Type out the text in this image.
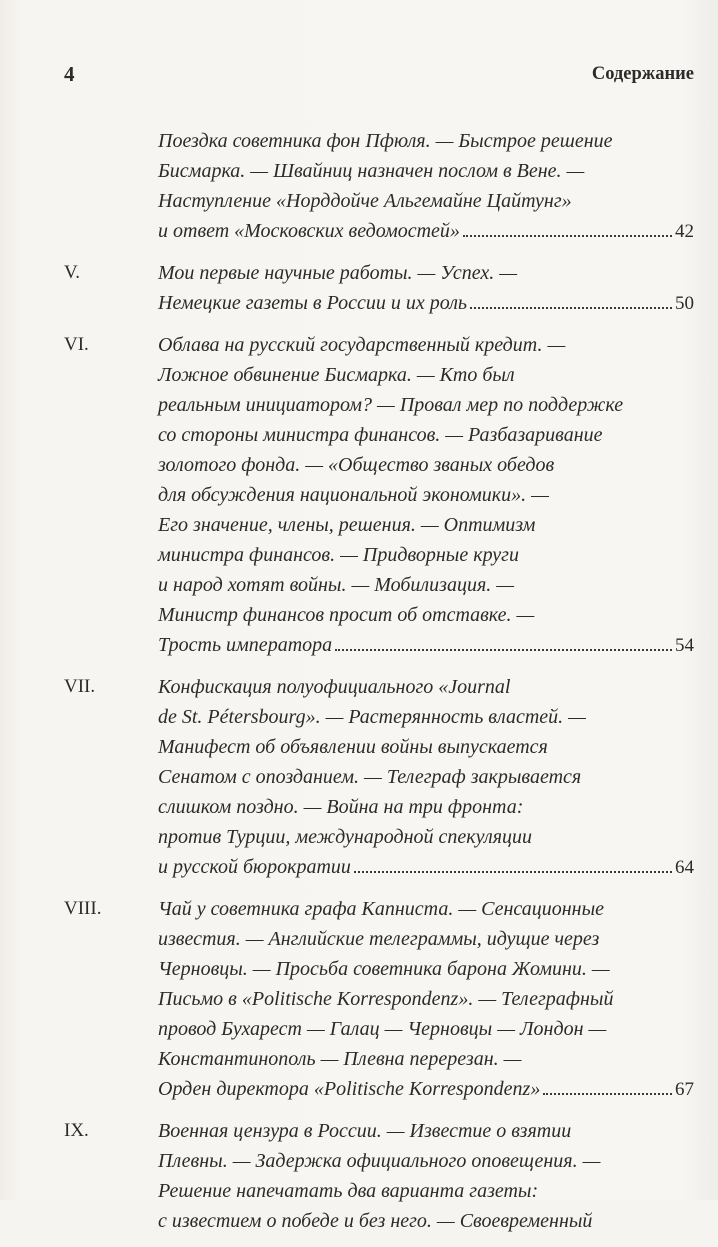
4	Содержание
Поездка советника фон Пфюля. — Быстрое решение
Бисмарка. — Швайниц назначен послом в Вене. —
Наступление «Норддойче Альгемайне Цайтунг»
и ответ «Московских ведомостей»	42
V.	Мои первые научные работы. — Успех. —
Немецкие газеты в России и их роль	50
VI.	Облава на русский государственный кредит. —
Ложное обвинение Бисмарка. — Кто был
реальным инициатором? — Провал мер по поддержке
со стороны министра финансов. — Разбазаривание
золотого фонда. — «Общество званых обедов
для обсуждения национальной экономики». —
Его значение, члены, решения. — Оптимизм
министра финансов. — Придворные круги
и народ хотят войны. — Мобилизация. —
Министр финансов просит об отставке. —
Трость императора	54
VII.	Конфискация полуофициального «Journal
de St. Pétersbourg». — Растерянность властей. —
Манифест об объявлении войны выпускается
Сенатом с опозданием. — Телеграф закрывается
слишком поздно. — Война на три фронта:
против Турции, международной спекуляции
и русской бюрократии	64
VIII.	Чай у советника графа Капниста. — Сенсационные
известия. — Английские телеграммы, идущие через
Черновцы. — Просьба советника барона Жомини. —
Письмо в «Politische Korrespondenz». — Телеграфный
провод Бухарест — Галац — Черновцы — Лондон —
Константинополь — Плевна перерезан. —
Орден директора «Politische Korrespondenz»	67
IX.	Военная цензура в России. — Известие о взятии
Плевны. — Задержка официального оповещения. —
Решение напечатать два варианта газеты:
с известием о победе и без него. — Своевременный
